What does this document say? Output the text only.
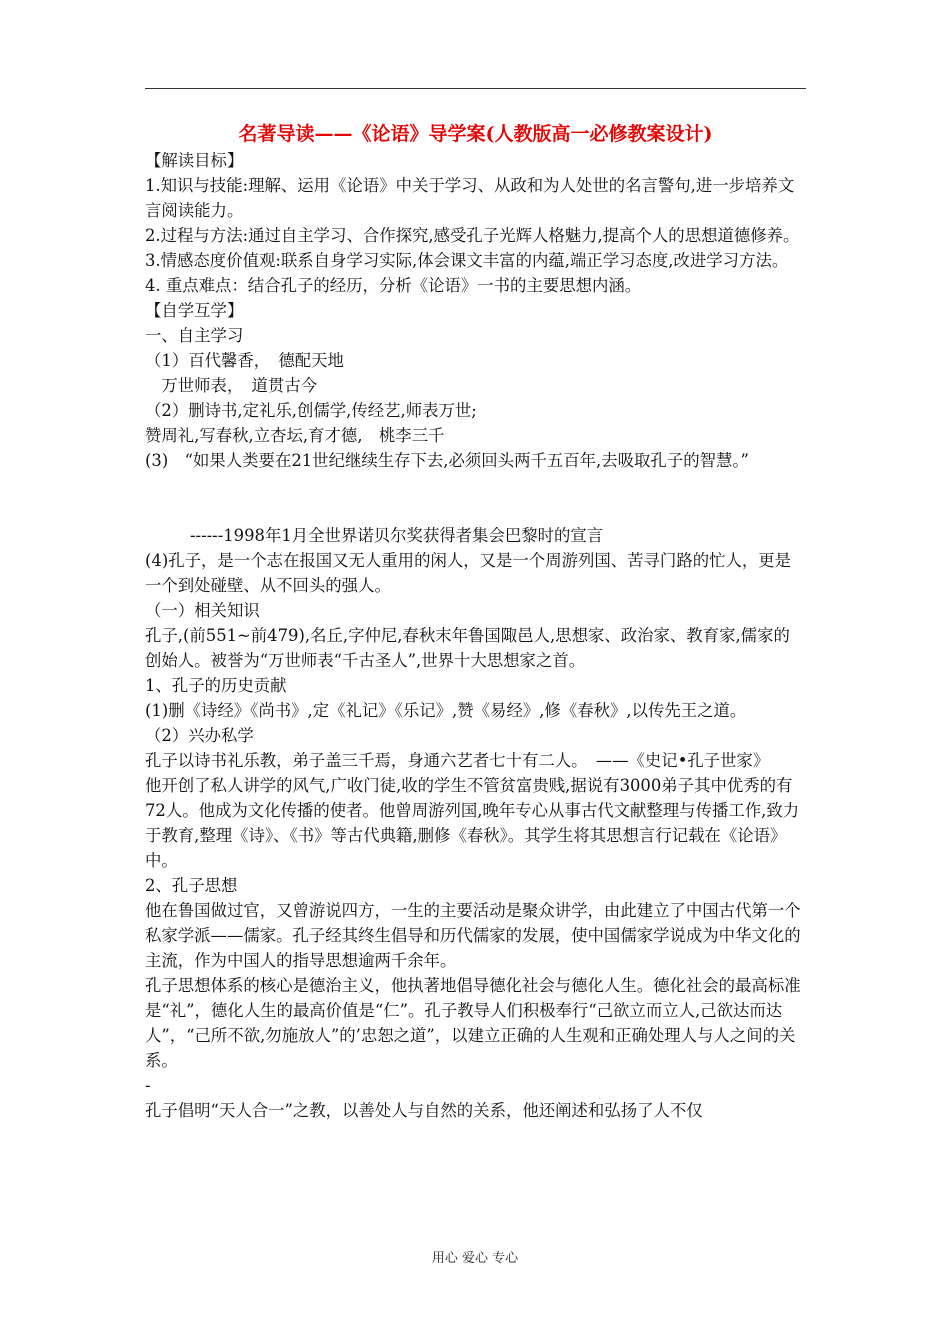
名著导读——《论语》导学案(人教版高一必修教案设计)

【解读目标】

1.知识与技能:理解、运用《论语》中关于学习、从政和为人处世的名言警句,进一步培养文言阅读能力。

2.过程与方法:通过自主学习、合作探究,感受孔子光辉人格魅力,提高个人的思想道德修养。

3.情感态度价值观:联系自身学习实际,体会课文丰富的内蕴,端正学习态度,改进学习方法。

4. 重点难点：结合孔子的经历，分析《论语》一书的主要思想内涵。

【自学互学】

一、自主学习

（1）百代馨香，　德配天地

　万世师表，　道贯古今

（2）删诗书,定礼乐,创儒学,传经艺,师表万世;

赞周礼,写春秋,立杏坛,育才德,　桃李三千

(3)　“如果人类要在21世纪继续生存下去,必须回头两千五百年,去吸取孔子的智慧。”

------1998年1月全世界诺贝尔奖获得者集会巴黎时的宣言

(4)孔子，是一个志在报国又无人重用的闲人，又是一个周游列国、苦寻门路的忙人，更是一个到处碰壁、从不回头的强人。

（一）相关知识

孔子,(前551~前479),名丘,字仲尼,春秋末年鲁国陬邑人,思想家、政治家、教育家,儒家的创始人。被誉为“万世师表“千古圣人”,世界十大思想家之首。

1、孔子的历史贡献

(1)删《诗经》《尚书》,定《礼记》《乐记》,赞《易经》,修《春秋》,以传先王之道。

（2）兴办私学

孔子以诗书礼乐教，弟子盖三千焉，身通六艺者七十有二人。　——《史记•孔子世家》

他开创了私人讲学的风气,广收门徒,收的学生不管贫富贵贱,据说有3000弟子其中优秀的有72人。他成为文化传播的使者。他曾周游列国,晚年专心从事古代文献整理与传播工作,致力于教育,整理《诗》、《书》等古代典籍,删修《春秋》。其学生将其思想言行记载在《论语》中。

2、孔子思想

他在鲁国做过官，又曾游说四方，一生的主要活动是聚众讲学，由此建立了中国古代第一个私家学派——儒家。孔子经其终生倡导和历代儒家的发展，使中国儒家学说成为中华文化的主流，作为中国人的指导思想逾两千余年。

孔子思想体系的核心是德治主义，他执著地倡导德化社会与德化人生。德化社会的最高标准是“礼”，德化人生的最高价值是“仁”。孔子教导人们积极奉行“己欲立而立人,己欲达而达人”，“己所不欲,勿施放人”的’忠恕之道”，以建立正确的人生观和正确处理人与人之间的关系。

-

孔子倡明“天人合一”之教，以善处人与自然的关系，他还阐述和弘扬了人不仅

用心 爱心 专心
